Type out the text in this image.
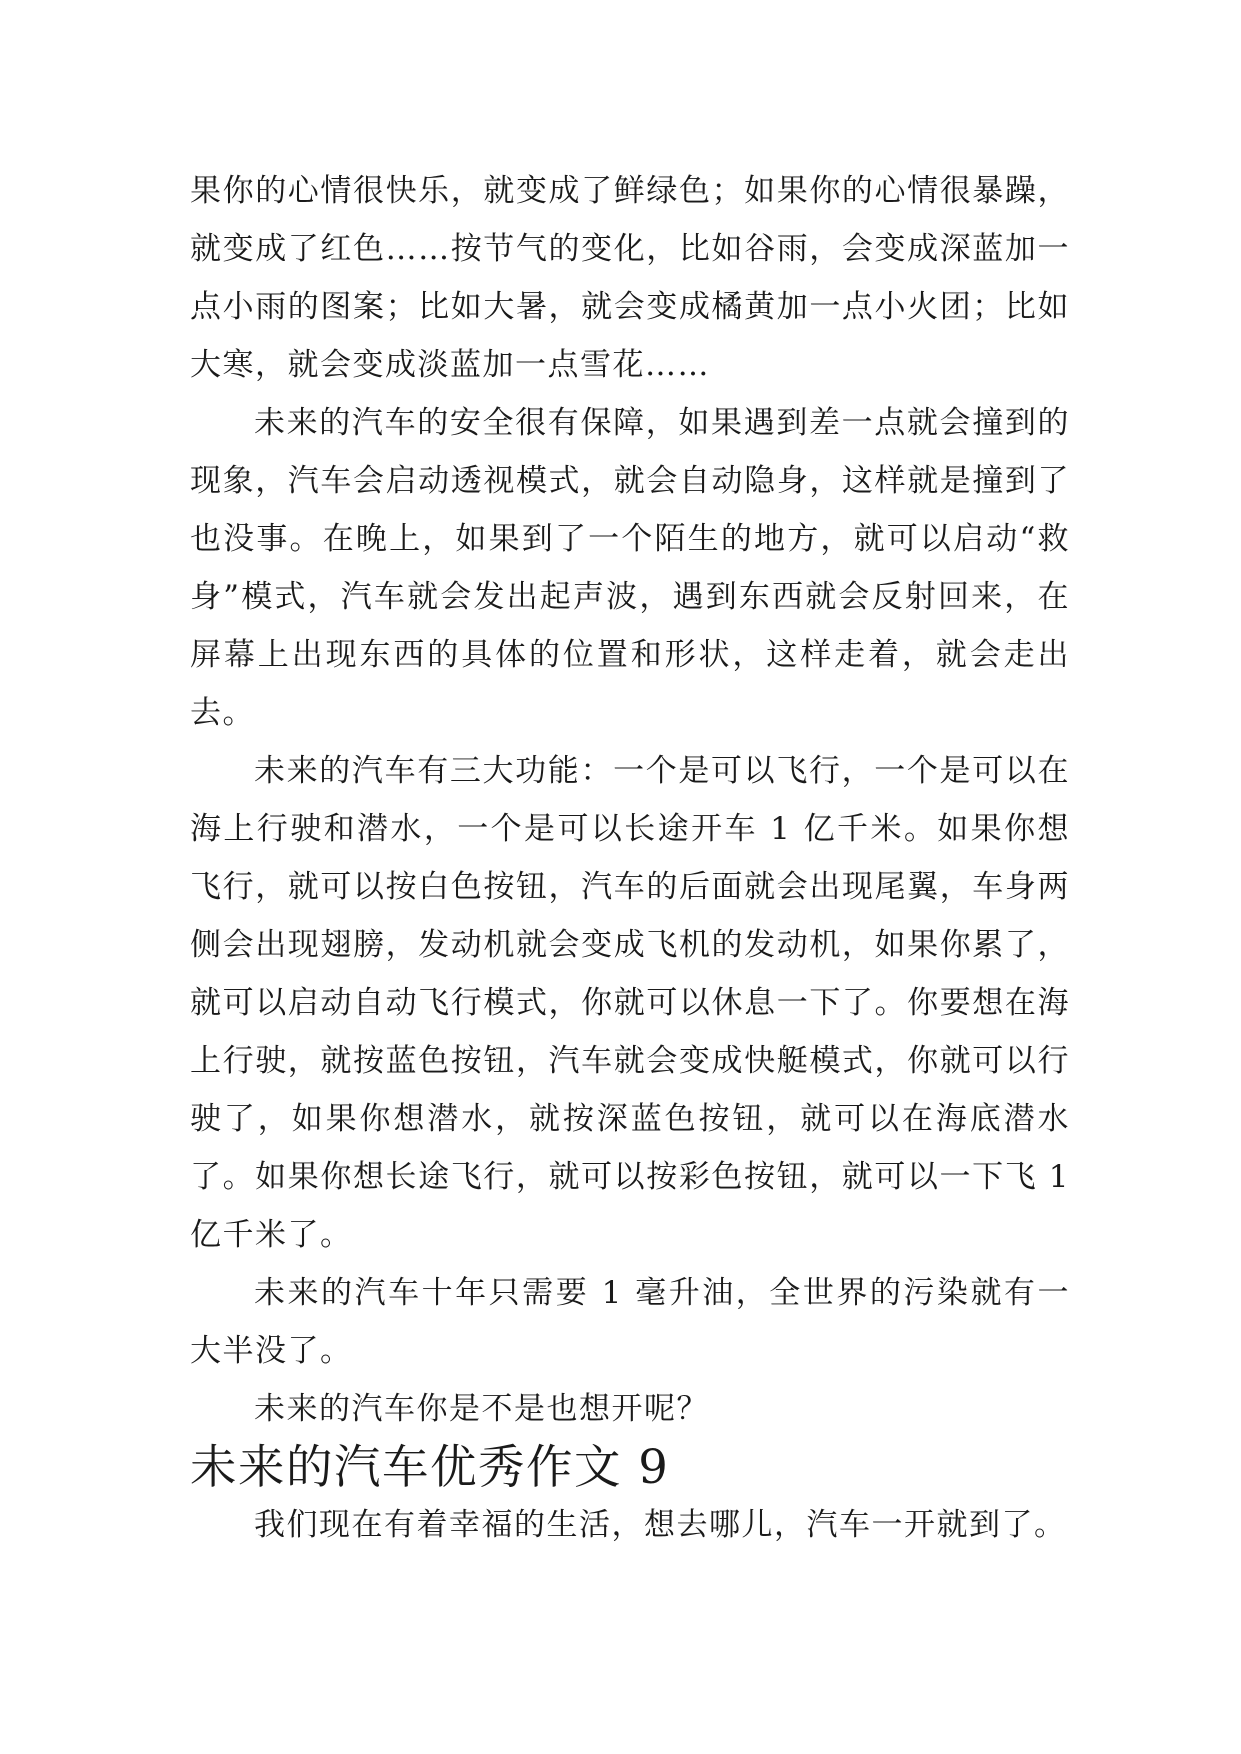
果你的心情很快乐，就变成了鲜绿色；如果你的心情很暴躁，就变成了红色……按节气的变化，比如谷雨，会变成深蓝加一点小雨的图案；比如大暑，就会变成橘黄加一点小火团；比如大寒，就会变成淡蓝加一点雪花……

未来的汽车的安全很有保障，如果遇到差一点就会撞到的现象，汽车会启动透视模式，就会自动隐身，这样就是撞到了也没事。在晚上，如果到了一个陌生的地方，就可以启动“救身”模式，汽车就会发出起声波，遇到东西就会反射回来，在屏幕上出现东西的具体的位置和形状，这样走着，就会走出去。

未来的汽车有三大功能：一个是可以飞行，一个是可以在海上行驶和潜水，一个是可以长途开车 1 亿千米。如果你想飞行，就可以按白色按钮，汽车的后面就会出现尾翼，车身两侧会出现翅膀，发动机就会变成飞机的发动机，如果你累了，就可以启动自动飞行模式，你就可以休息一下了。你要想在海上行驶，就按蓝色按钮，汽车就会变成快艇模式，你就可以行驶了，如果你想潜水，就按深蓝色按钮，就可以在海底潜水了。如果你想长途飞行，就可以按彩色按钮，就可以一下飞 1 亿千米了。

未来的汽车十年只需要 1 毫升油，全世界的污染就有一大半没了。

未来的汽车你是不是也想开呢？

未来的汽车优秀作文 9

我们现在有着幸福的生活，想去哪儿，汽车一开就到了。
